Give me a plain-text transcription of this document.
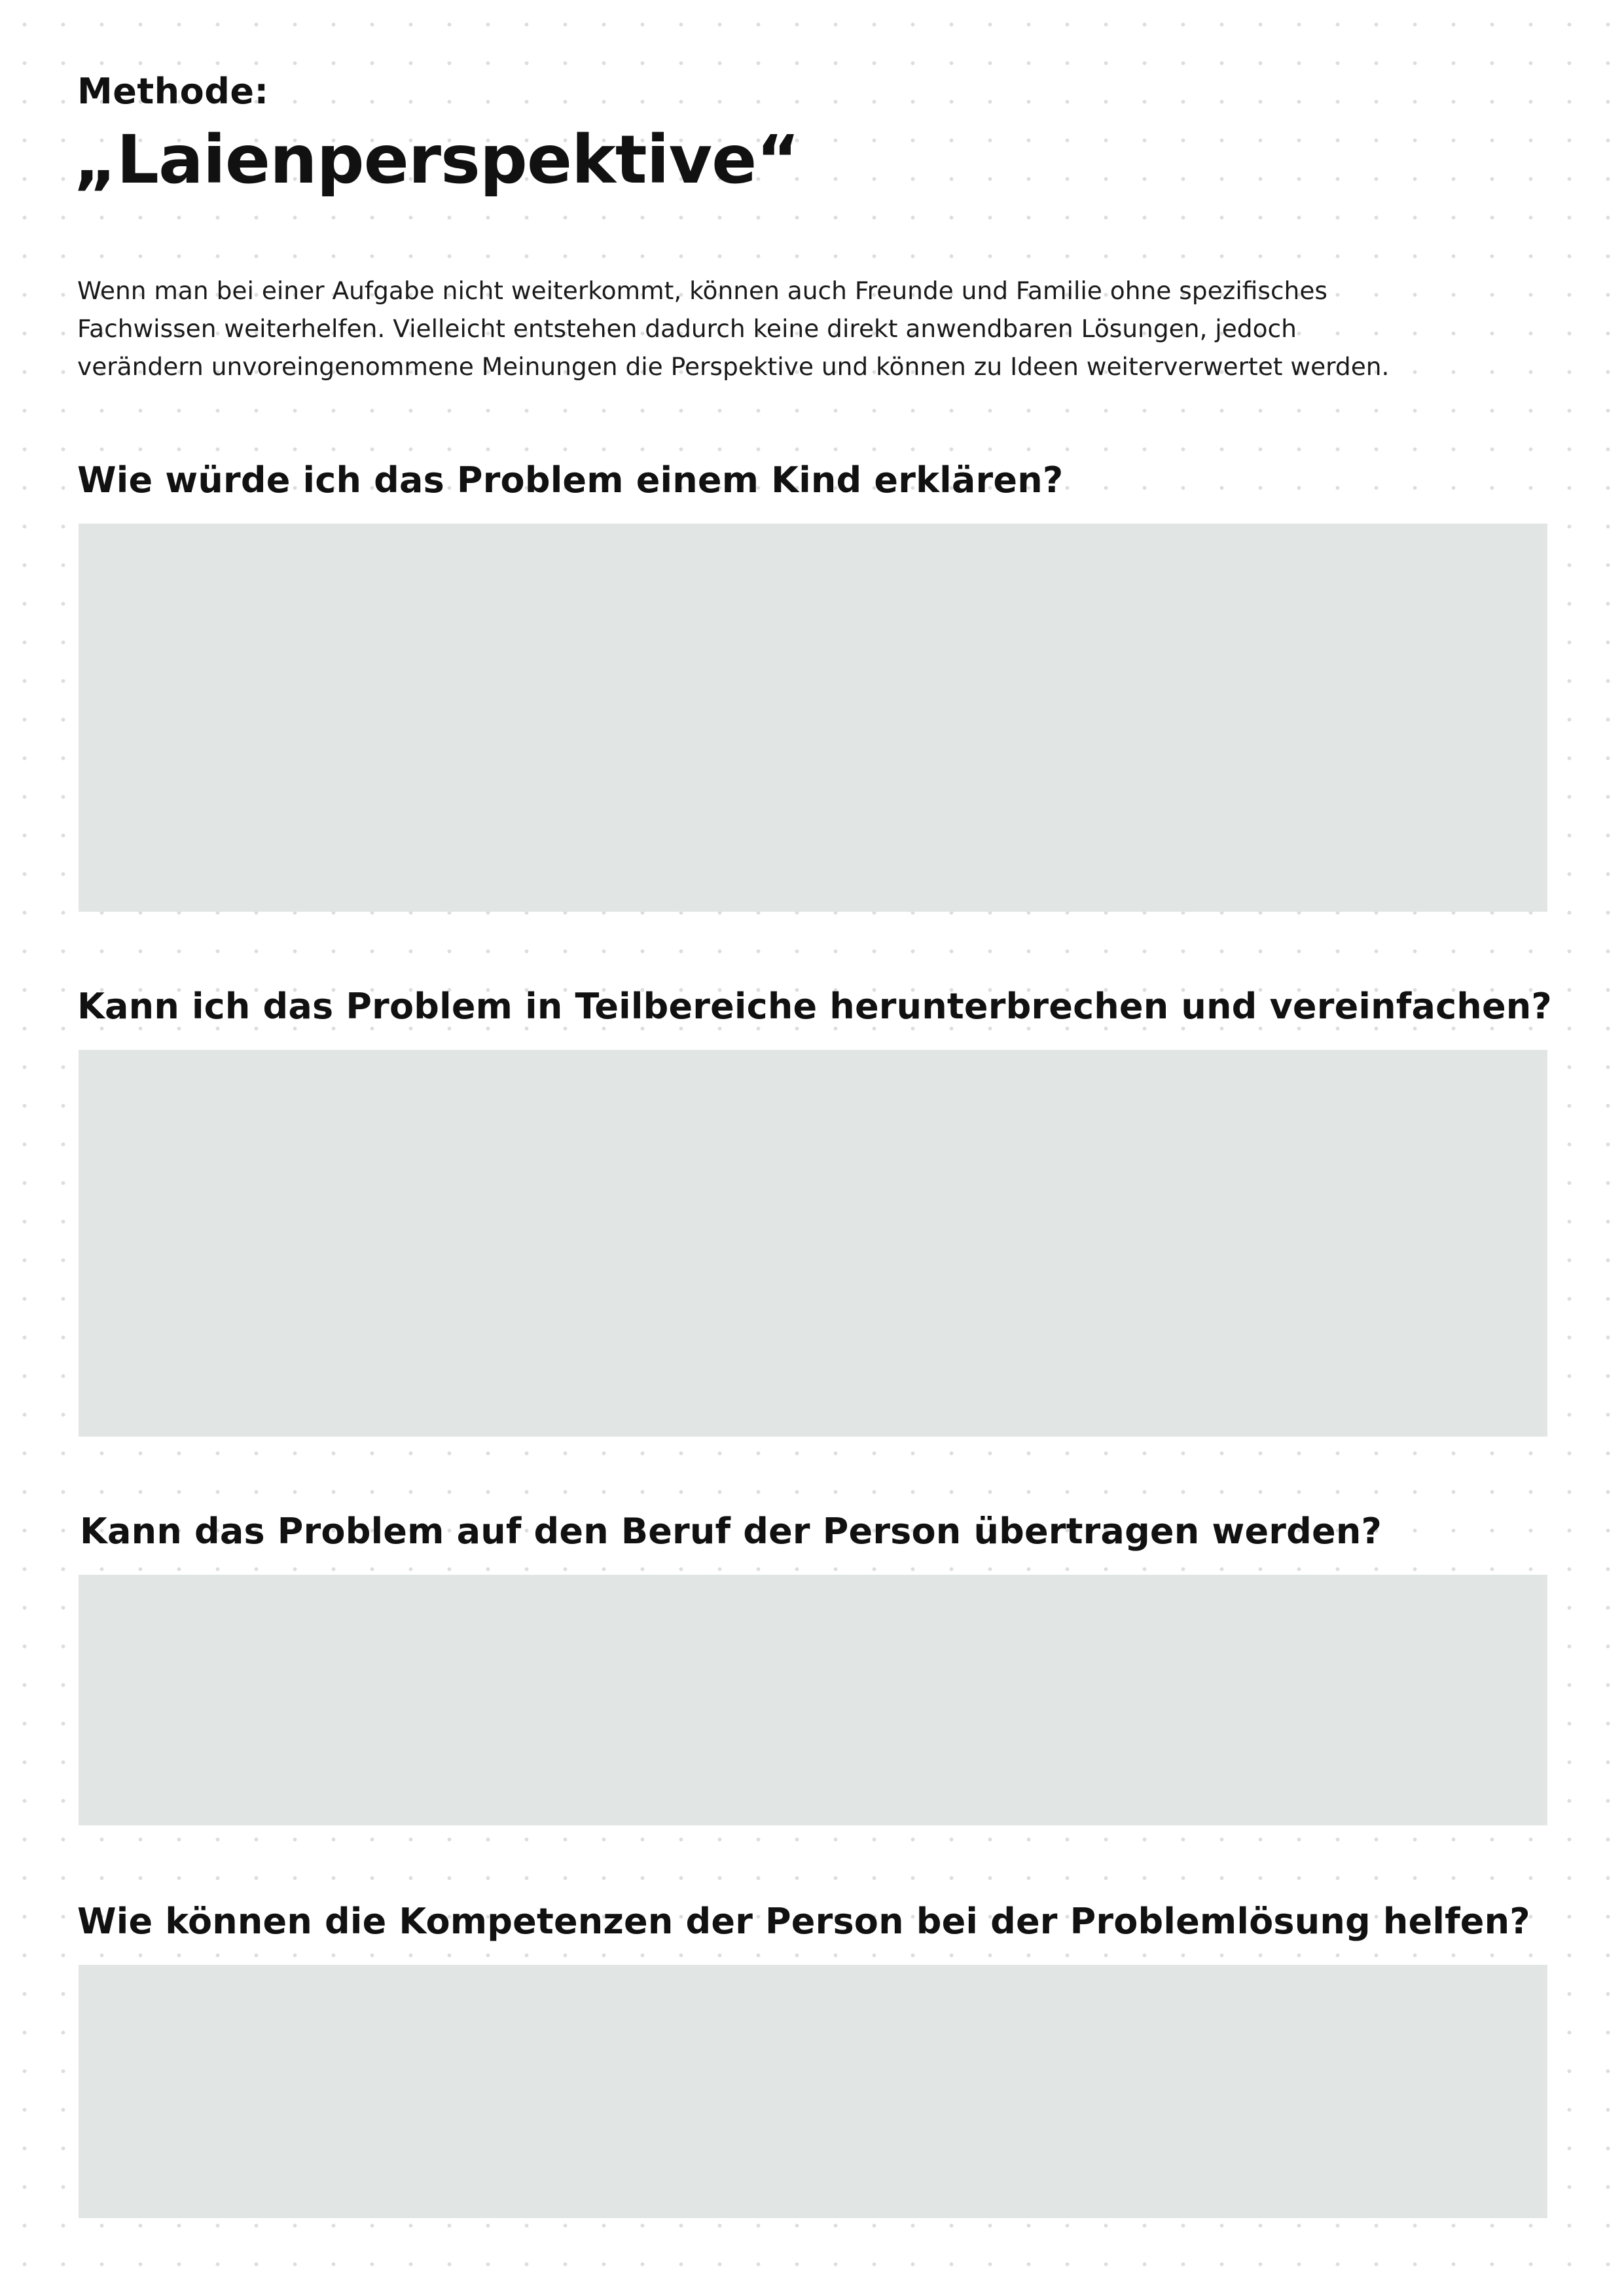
Methode:
„Laienperspektive“
Wenn man bei einer Aufgabe nicht weiterkommt, können auch Freunde und Familie ohne spezifisches
Fachwissen weiterhelfen. Vielleicht entstehen dadurch keine direkt anwendbaren Lösungen, jedoch
verändern unvoreingenommene Meinungen die Perspektive und können zu Ideen weiterverwertet werden.
Wie würde ich das Problem einem Kind erklären?
Kann ich das Problem in Teilbereiche herunterbrechen und vereinfachen?
Kann das Problem auf den Beruf der Person übertragen werden?
Wie können die Kompetenzen der Person bei der Problemlösung helfen?
